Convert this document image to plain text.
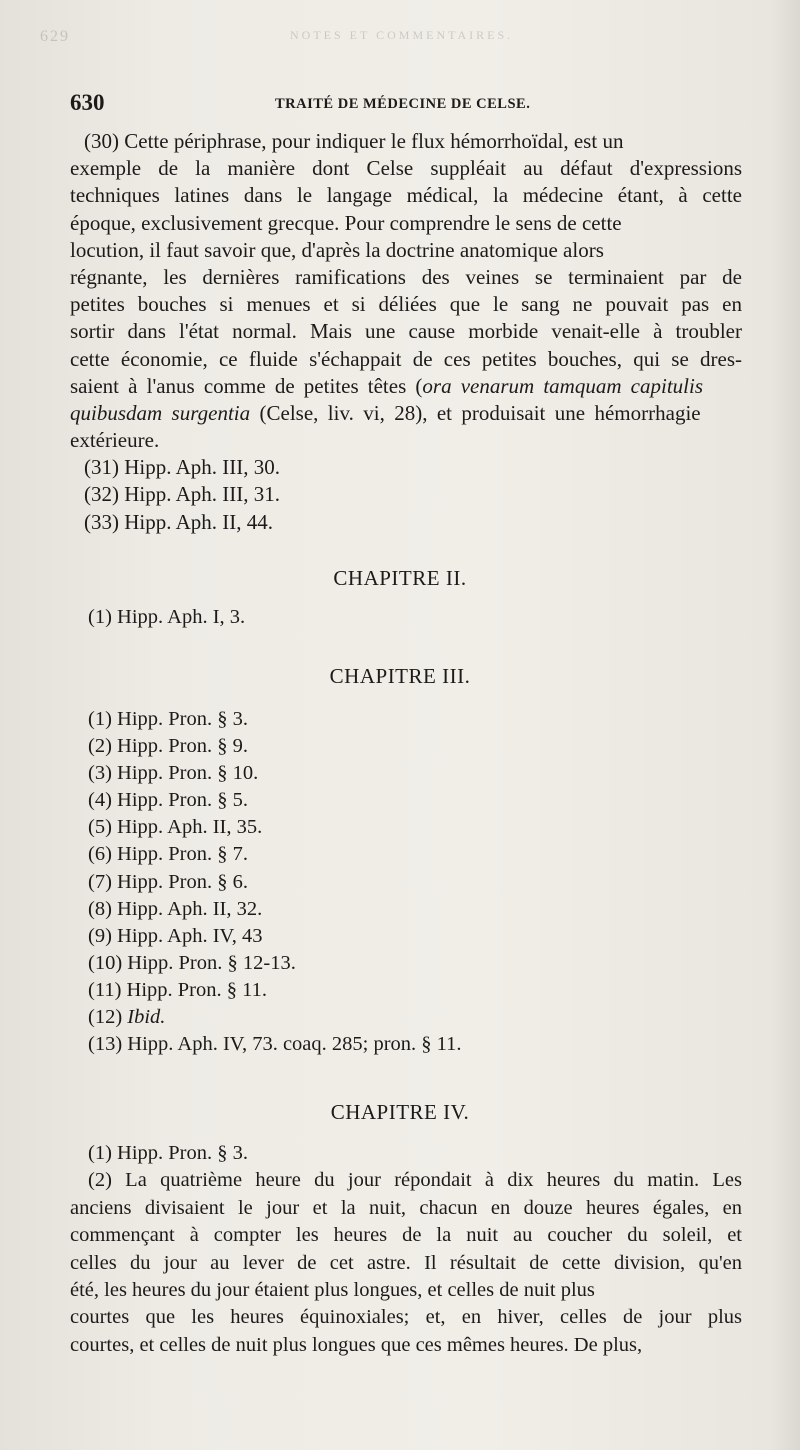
629	NOTES ET COMMENTAIRES.
630	TRAITÉ DE MÉDECINE DE CELSE.
(30) Cette périphrase, pour indiquer le flux hémorrhoïdal, est un
exemple de la manière dont Celse suppléait au défaut d'expressions
techniques latines dans le langage médical, la médecine étant, à cette
époque, exclusivement grecque. Pour comprendre le sens de cette
locution, il faut savoir que, d'après la doctrine anatomique alors
régnante, les dernières ramifications des veines se terminaient par de
petites bouches si menues et si déliées que le sang ne pouvait pas en
sortir dans l'état normal. Mais une cause morbide venait-elle à troubler
cette économie, ce fluide s'échappait de ces petites bouches, qui se dres-
saient à l'anus comme de petites têtes (ora venarum tamquam capitulis
quibusdam surgentia (Celse, liv. vi, 28), et produisait une hémorrhagie
extérieure.
(31) Hipp. Aph. III, 30.
(32) Hipp. Aph. III, 31.
(33) Hipp. Aph. II, 44.
CHAPITRE II.
(1) Hipp. Aph. I, 3.
CHAPITRE III.
(1) Hipp. Pron. § 3.
(2) Hipp. Pron. § 9.
(3) Hipp. Pron. § 10.
(4) Hipp. Pron. § 5.
(5) Hipp. Aph. II, 35.
(6) Hipp. Pron. § 7.
(7) Hipp. Pron. § 6.
(8) Hipp. Aph. II, 32.
(9) Hipp. Aph. IV, 43
(10) Hipp. Pron. § 12-13.
(11) Hipp. Pron. § 11.
(12) Ibid.
(13) Hipp. Aph. IV, 73. coaq. 285; pron. § 11.
CHAPITRE IV.
(1) Hipp. Pron. § 3.
(2) La quatrième heure du jour répondait à dix heures du matin. Les
anciens divisaient le jour et la nuit, chacun en douze heures égales, en
commençant à compter les heures de la nuit au coucher du soleil, et
celles du jour au lever de cet astre. Il résultait de cette division, qu'en
été, les heures du jour étaient plus longues, et celles de nuit plus
courtes que les heures équinoxiales; et, en hiver, celles de jour plus
courtes, et celles de nuit plus longues que ces mêmes heures. De plus,
